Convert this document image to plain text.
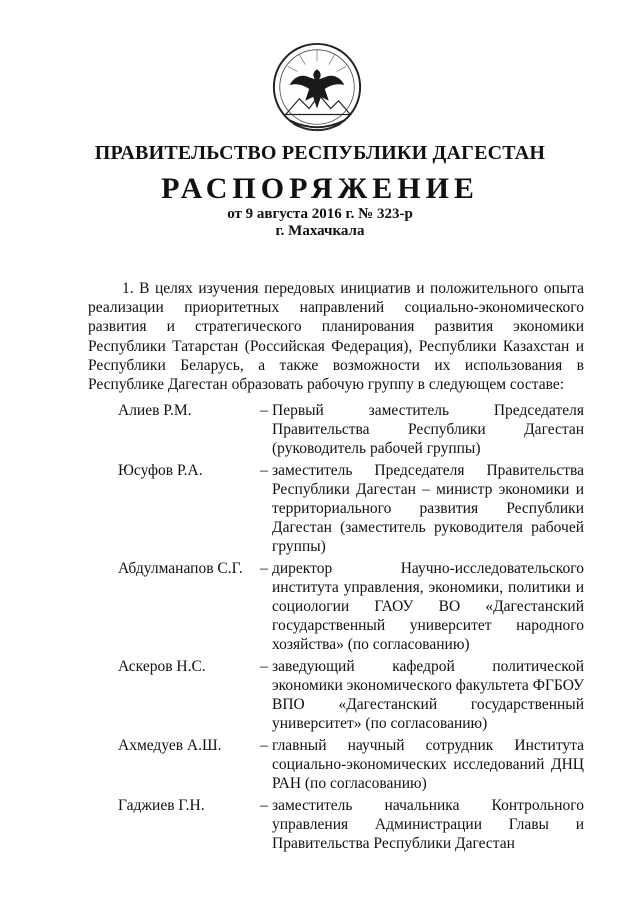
ПРАВИТЕЛЬСТВО РЕСПУБЛИКИ ДАГЕСТАН
РАСПОРЯЖЕНИЕ
от 9 августа 2016 г. № 323-р
г. Махачкала

1. В целях изучения передовых инициатив и положительного опыта реализации приоритетных направлений социально-экономического развития и стратегического планирования развития экономики Республики Татарстан (Российская Федерация), Республики Казахстан и Республики Беларусь, а также возможности их использования в Республике Дагестан образовать рабочую группу в следующем составе:

Алиев Р.М.	– Первый заместитель Председателя Правительства Республики Дагестан (руководитель рабочей группы)
Юсуфов Р.А.	– заместитель Председателя Правительства Республики Дагестан – министр экономики и территориального развития Республики Дагестан (заместитель руководителя рабочей группы)
Абдулманапов С.Г.	– директор Научно-исследовательского института управления, экономики, политики и социологии ГАОУ ВО «Дагестанский государственный университет народного хозяйства» (по согласованию)
Аскеров Н.С.	– заведующий кафедрой политической экономики экономического факультета ФГБОУ ВПО «Дагестанский государственный университет» (по согласованию)
Ахмедуев А.Ш.	– главный научный сотрудник Института социально-экономических исследований ДНЦ РАН (по согласованию)
Гаджиев Г.Н.	– заместитель начальника Контрольного управления Администрации Главы и Правительства Республики Дагестан
